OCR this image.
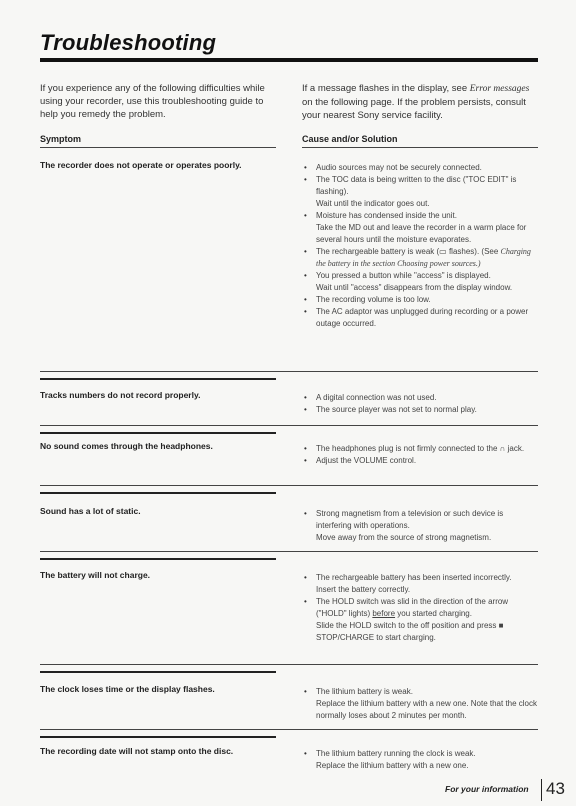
Troubleshooting
If you experience any of the following difficulties while using your recorder, use this troubleshooting guide to help you remedy the problem.
If a message flashes in the display, see Error messages on the following page. If the problem persists, consult your nearest Sony service facility.
Symptom	Cause and/or Solution
The recorder does not operate or operates poorly.	• Audio sources may not be securely connected.
• The TOC data is being written to the disc ("TOC EDIT" is flashing).
Wait until the indicator goes out.
• Moisture has condensed inside the unit.
Take the MD out and leave the recorder in a warm place for several hours until the moisture evaporates.
• The rechargeable battery is weak (▭ flashes). (See Charging the battery in the section Choosing power sources.)
• You pressed a button while "access" is displayed.
Wait until "access" disappears from the display window.
• The recording volume is too low.
• The AC adaptor was unplugged during recording or a power outage occurred.
Tracks numbers do not record properly.	• A digital connection was not used.
• The source player was not set to normal play.
No sound comes through the headphones.	• The headphones plug is not firmly connected to the ∩ jack.
• Adjust the VOLUME control.
Sound has a lot of static.	• Strong magnetism from a television or such device is interfering with operations.
Move away from the source of strong magnetism.
The battery will not charge.	• The rechargeable battery has been inserted incorrectly.
Insert the battery correctly.
• The HOLD switch was slid in the direction of the arrow ("HOLD" lights) before you started charging.
Slide the HOLD switch to the off position and press ■ STOP/CHARGE to start charging.
The clock loses time or the display flashes.	• The lithium battery is weak.
Replace the lithium battery with a new one. Note that the clock normally loses about 2 minutes per month.
The recording date will not stamp onto the disc.	• The lithium battery running the clock is weak.
Replace the lithium battery with a new one.
For your information 43
